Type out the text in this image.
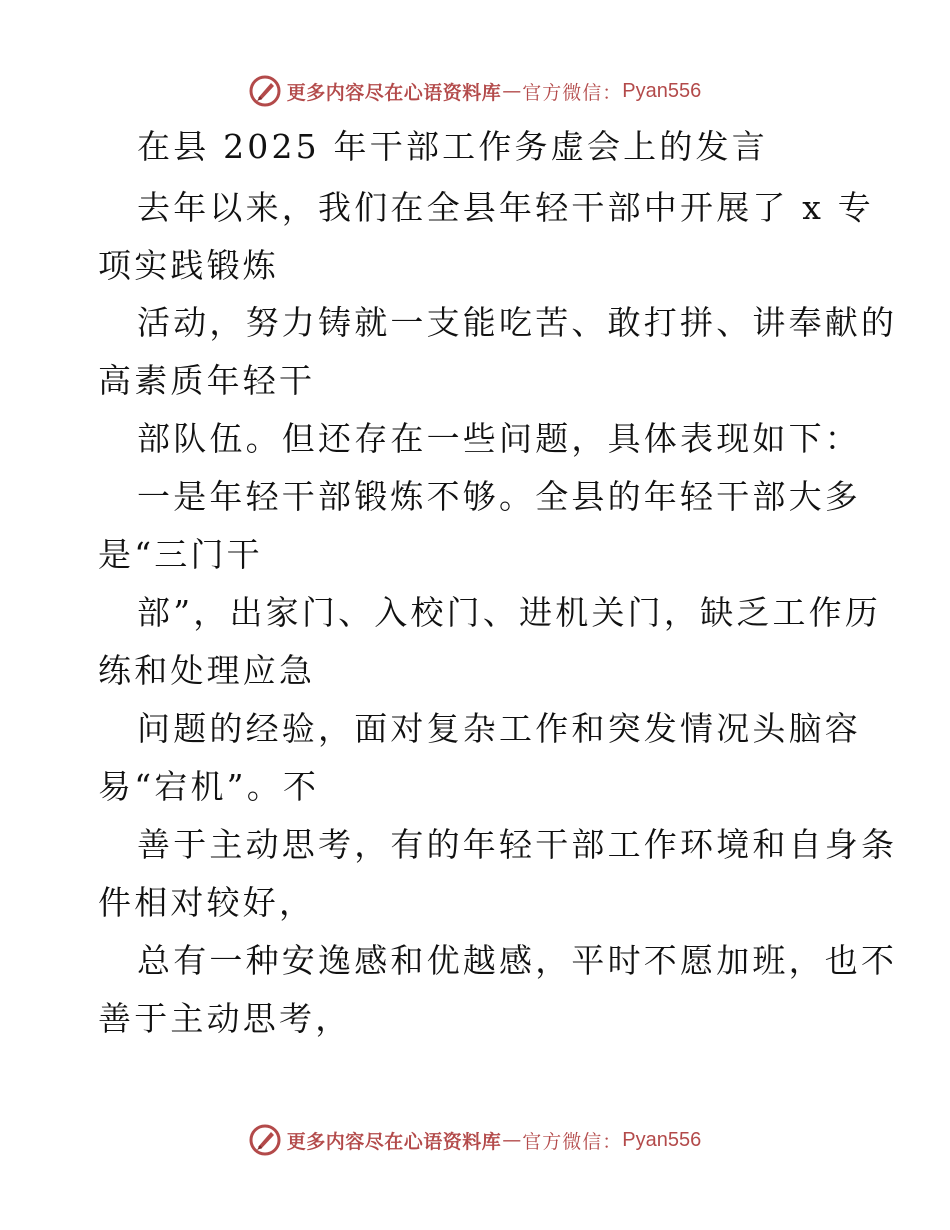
更多内容尽在心语资料库 — 官方微信： Pyan556
在县 2025 年干部工作务虚会上的发言
去年以来，我们在全县年轻干部中开展了 x 专
项实践锻炼
活动，努力铸就一支能吃苦、敢打拼、讲奉献的
高素质年轻干
部队伍。但还存在一些问题，具体表现如下：
一是年轻干部锻炼不够。全县的年轻干部大多
是“三门干
部”，出家门、入校门、进机关门，缺乏工作历
练和处理应急
问题的经验，面对复杂工作和突发情况头脑容
易“宕机”。不
善于主动思考，有的年轻干部工作环境和自身条
件相对较好，
总有一种安逸感和优越感，平时不愿加班，也不
善于主动思考，
更多内容尽在心语资料库 — 官方微信： Pyan556
